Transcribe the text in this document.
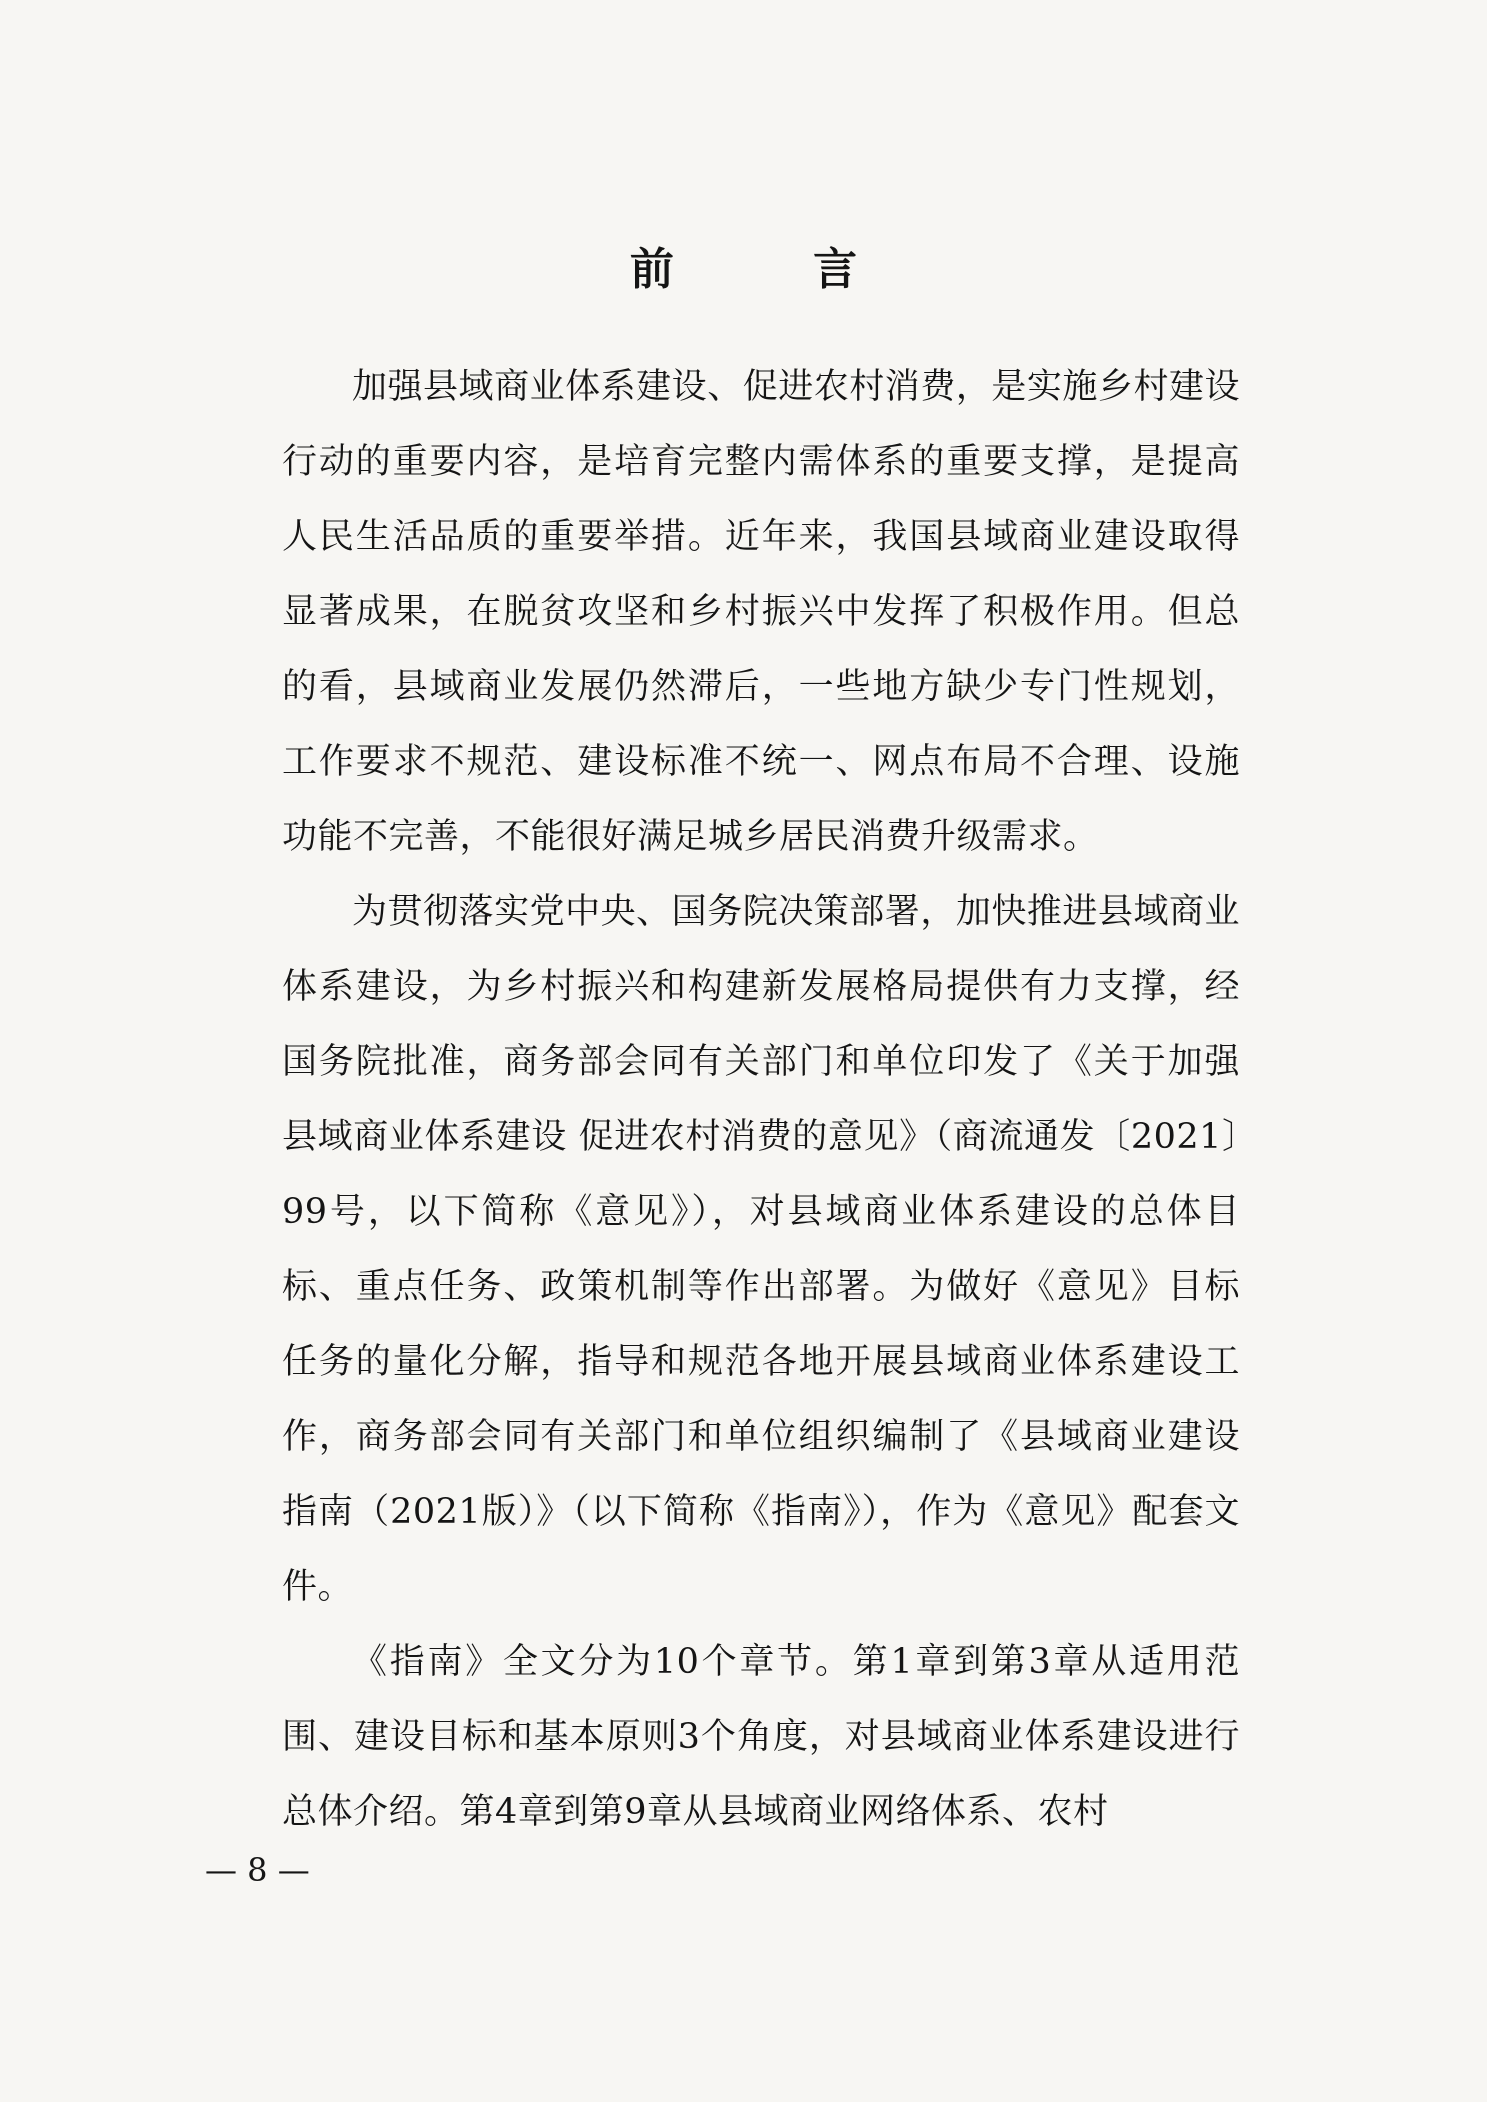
前 言

加强县域商业体系建设、促进农村消费，是实施乡村建设行动的重要内容，是培育完整内需体系的重要支撑，是提高人民生活品质的重要举措。近年来，我国县域商业建设取得显著成果，在脱贫攻坚和乡村振兴中发挥了积极作用。但总的看，县域商业发展仍然滞后，一些地方缺少专门性规划，工作要求不规范、建设标准不统一、网点布局不合理、设施功能不完善，不能很好满足城乡居民消费升级需求。

为贯彻落实党中央、国务院决策部署，加快推进县域商业体系建设，为乡村振兴和构建新发展格局提供有力支撑，经国务院批准，商务部会同有关部门和单位印发了《关于加强县域商业体系建设 促进农村消费的意见》（商流通发〔2021〕99号，以下简称《意见》），对县域商业体系建设的总体目标、重点任务、政策机制等作出部署。为做好《意见》目标任务的量化分解，指导和规范各地开展县域商业体系建设工作，商务部会同有关部门和单位组织编制了《县域商业建设指南（2021版）》（以下简称《指南》），作为《意见》配套文件。

《指南》全文分为10个章节。第1章到第3章从适用范围、建设目标和基本原则3个角度，对县域商业体系建设进行总体介绍。第4章到第9章从县域商业网络体系、农村

— 8 —
